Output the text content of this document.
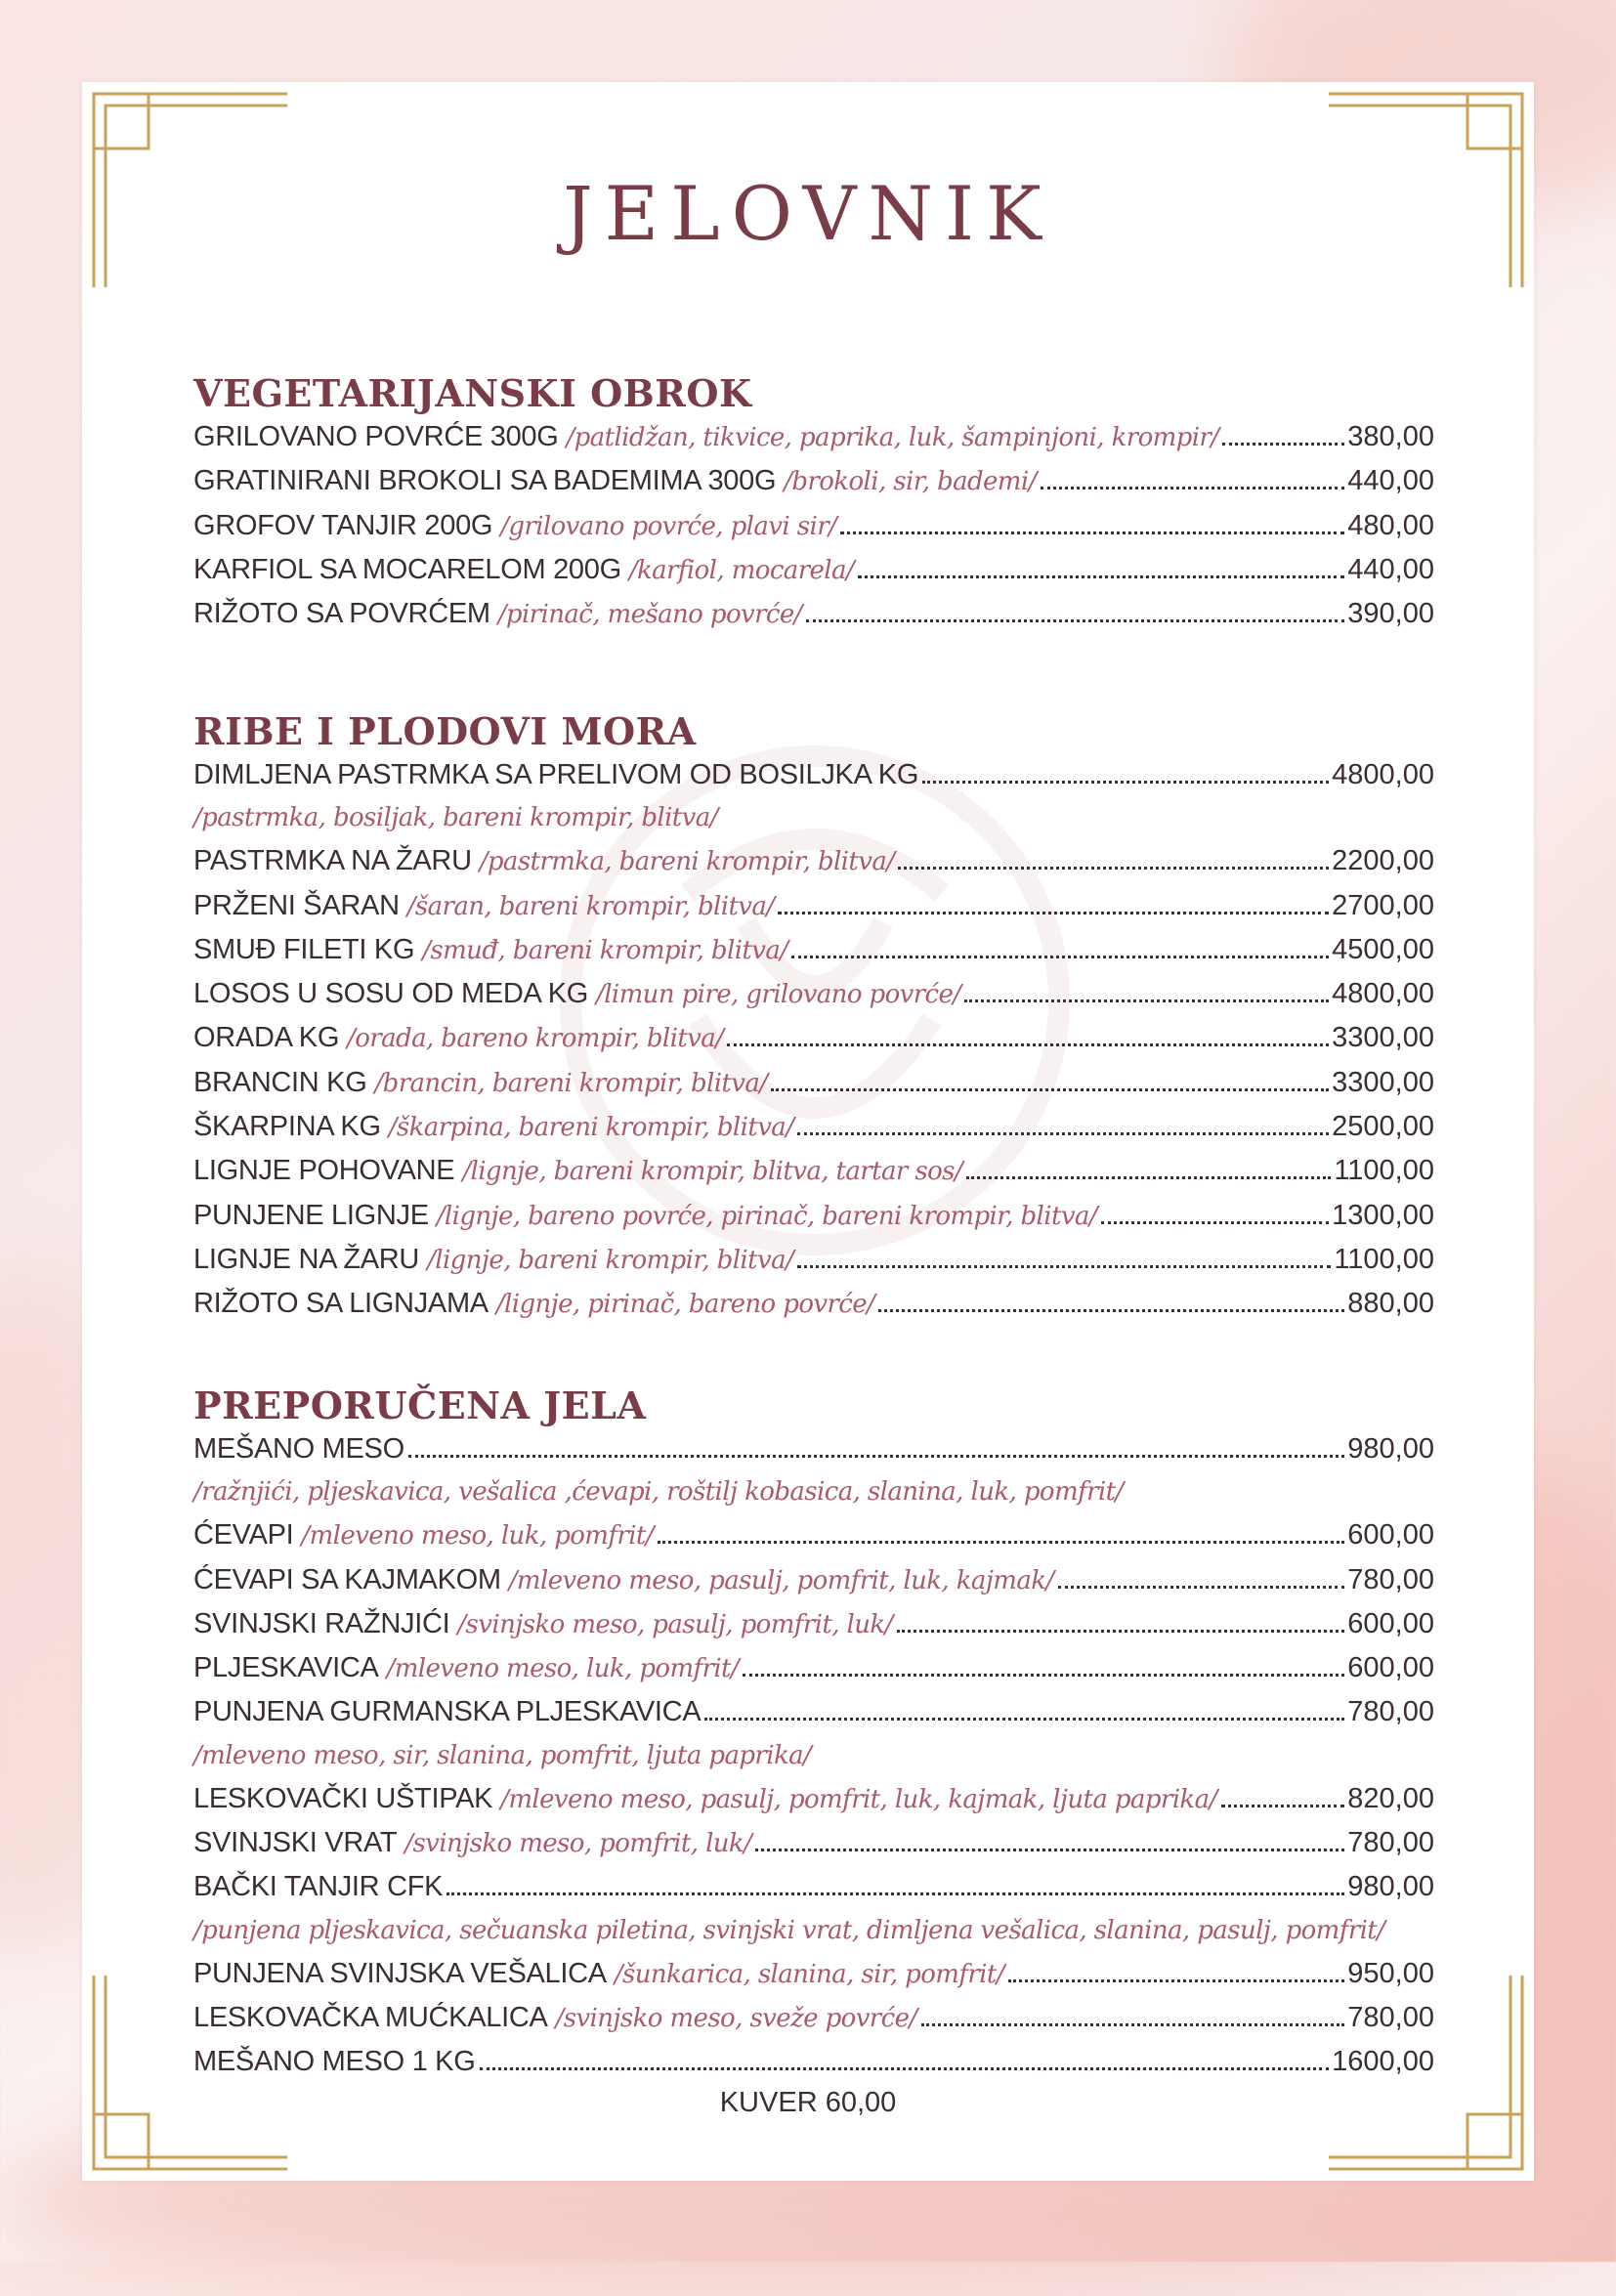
JELOVNIK
VEGETARIJANSKI OBROK
GRILOVANO POVRĆE 300G /patlidžan, tikvice, paprika, luk, šampinjoni, krompir/	380,00
GRATINIRANI BROKOLI SA BADEMIMA 300G /brokoli, sir, bademi/	440,00
GROFOV TANJIR 200G /grilovano povrće, plavi sir/	480,00
KARFIOL SA MOCARELOM 200G /karfiol, mocarela/	440,00
RIŽOTO SA POVRĆEM /pirinač, mešano povrće/	390,00
RIBE I PLODOVI MORA
DIMLJENA PASTRMKA SA PRELIVOM OD BOSILJKA KG	4800,00
/pastrmka, bosiljak, bareni krompir, blitva/
PASTRMKA NA ŽARU /pastrmka, bareni krompir, blitva/	2200,00
PRŽENI ŠARAN /šaran, bareni krompir, blitva/	2700,00
SMUĐ FILETI KG /smuđ, bareni krompir, blitva/	4500,00
LOSOS U SOSU OD MEDA KG /limun pire, grilovano povrće/	4800,00
ORADA KG /orada, bareno krompir, blitva/	3300,00
BRANCIN KG /brancin, bareni krompir, blitva/	3300,00
ŠKARPINA KG /škarpina, bareni krompir, blitva/	2500,00
LIGNJE POHOVANE /lignje, bareni krompir, blitva, tartar sos/	1100,00
PUNJENE LIGNJE /lignje, bareno povrće, pirinač, bareni krompir, blitva/	1300,00
LIGNJE NA ŽARU /lignje, bareni krompir, blitva/	1100,00
RIŽOTO SA LIGNJAMA /lignje, pirinač, bareno povrće/	880,00
PREPORUČENA JELA
MEŠANO MESO	980,00
/ražnjići, pljeskavica, vešalica ,ćevapi, roštilj kobasica, slanina, luk, pomfrit/
ĆEVAPI /mleveno meso, luk, pomfrit/	600,00
ĆEVAPI SA KAJMAKOM /mleveno meso, pasulj, pomfrit, luk, kajmak/	780,00
SVINJSKI RAŽNJIĆI /svinjsko meso, pasulj, pomfrit, luk/	600,00
PLJESKAVICA /mleveno meso, luk, pomfrit/	600,00
PUNJENA GURMANSKA PLJESKAVICA	780,00
/mleveno meso, sir, slanina, pomfrit, ljuta paprika/
LESKOVAČKI UŠTIPAK /mleveno meso, pasulj, pomfrit, luk, kajmak, ljuta paprika/	820,00
SVINJSKI VRAT /svinjsko meso, pomfrit, luk/	780,00
BAČKI TANJIR CFK	980,00
/punjena pljeskavica, sečuanska piletina, svinjski vrat, dimljena vešalica, slanina, pasulj, pomfrit/
PUNJENA SVINJSKA VEŠALICA /šunkarica, slanina, sir, pomfrit/	950,00
LESKOVAČKA MUĆKALICA /svinjsko meso, sveže povrće/	780,00
MEŠANO MESO 1 KG	1600,00
KUVER 60,00
